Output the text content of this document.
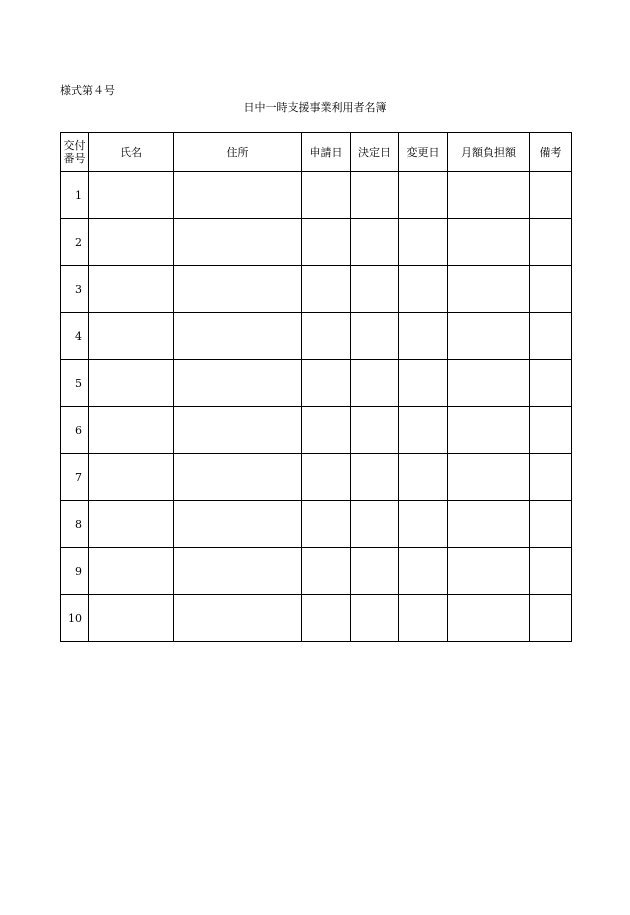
様式第４号
日中一時支援事業利用者名簿
交付
番号	氏名	住所	申請日	決定日	変更日	月額負担額	備考
1							
2							
3							
4							
5							
6							
7							
8							
9							
10							
